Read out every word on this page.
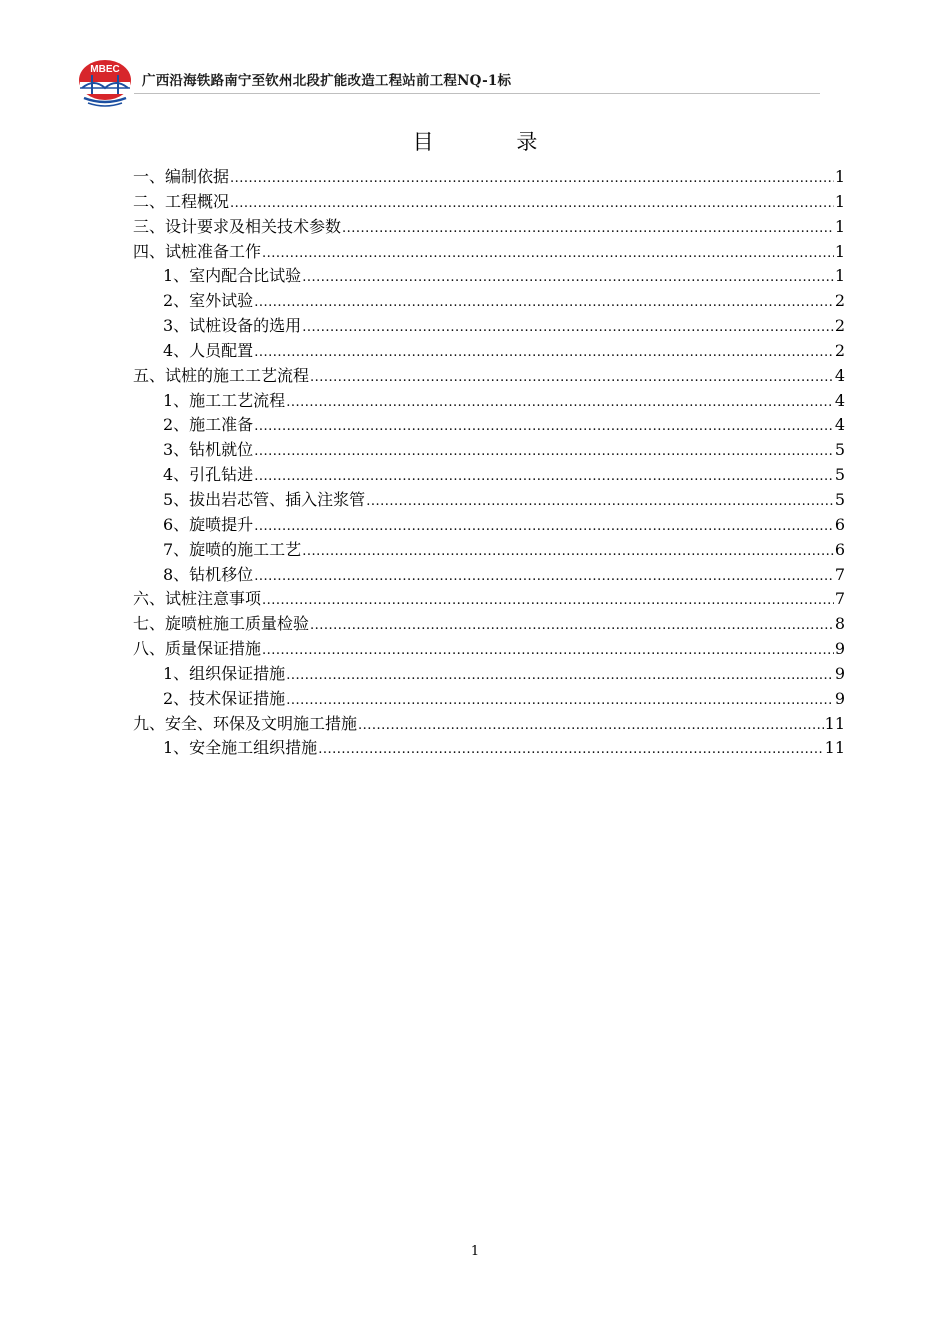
MBEC
广西沿海铁路南宁至钦州北段扩能改造工程站前工程NQ-1标
目 录
一、编制依据 .....	1
二、工程概况 .....	1
三、设计要求及相关技术参数 .....	1
四、试桩准备工作 .....	1
1、室内配合比试验 .....	1
2、室外试验 .....	2
3、试桩设备的选用 .....	2
4、人员配置 .....	2
五、试桩的施工工艺流程 .....	4
1、施工工艺流程 .....	4
2、施工准备 .....	4
3、钻机就位 .....	5
4、引孔钻进 .....	5
5、拔出岩芯管、插入注浆管 .....	5
6、旋喷提升 .....	6
7、旋喷的施工工艺 .....	6
8、钻机移位 .....	7
六、试桩注意事项 .....	7
七、旋喷桩施工质量检验 .....	8
八、质量保证措施 .....	9
1、组织保证措施 .....	9
2、技术保证措施 .....	9
九、安全、环保及文明施工措施 .....	11
1、安全施工组织措施 .....	11
1
